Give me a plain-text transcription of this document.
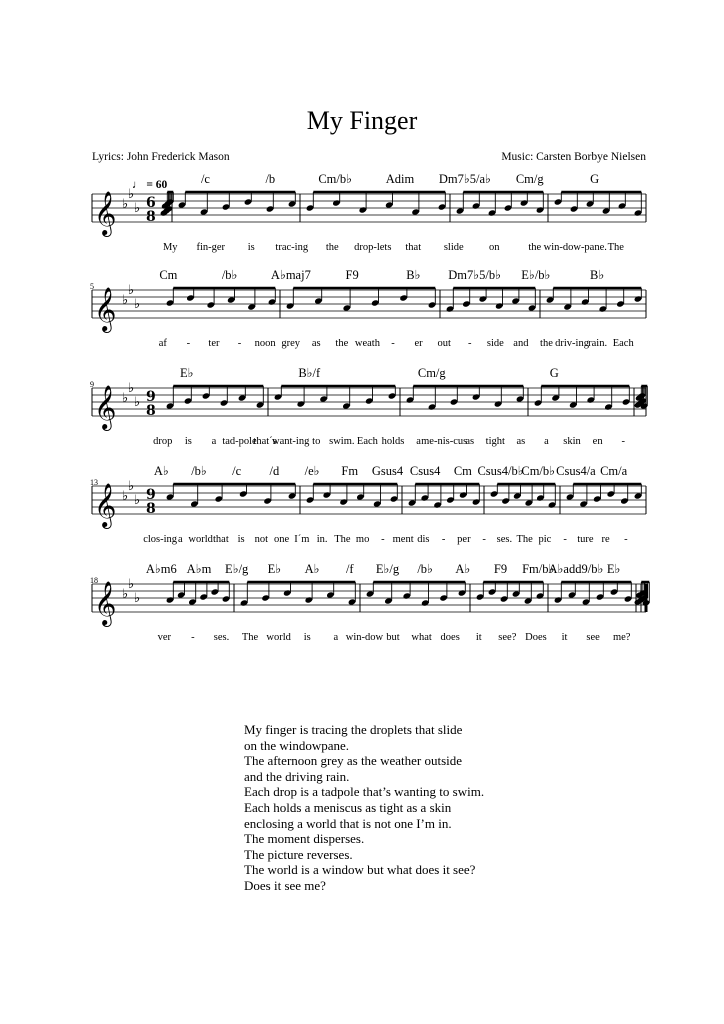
My Finger
Lyrics: John Frederick Mason	Music: Carsten Borbye Nielsen
𝄞 ♭
♭
♭ 6
8
♩ = 60	/c	/b	Cm/b♭	Adim Dm7♭5/a♭ Cm/g	G
My fin-ger is trac-ing the drop-lets that slide on	the win-dow-pane. The
𝄞 ♭
♭
♭
5
Cm	/b♭	A♭maj7	F9	B♭ Dm7♭5/b♭ E♭/b♭	B♭
af - ter - noon grey as the weath - er out - side and the driv-ing rain. Each
𝄞 ♭
♭
♭ 9
8
9
E♭	B♭/f	Cm/g	G
drop is a tad-pole
that´s
want-ing to swim. Each holds a me-nis-cus
as tight as a skin en -
𝄞 ♭
♭
♭ 9
8
13
A♭ /b♭ /c /d /e♭ Fm Gsus4 Csus4 Cm Csus4/b♭
Cm/b♭ Csus4/a Cm/a
clos-ing a world that is not one I´m in. The mo - ment dis - per - ses. The pic - ture re -
𝄞 ♭
♭
♭
18
A♭m6 A♭m E♭/g E♭ A♭ /f E♭/g /b♭ A♭ F9 Fm/b♭
A♭add9/b♭ E♭
ver - ses. The world is a win-dow but what does it see? Does it see me?
My finger is tracing the droplets that slide
on the windowpane.
The afternoon grey as the weather outside
and the driving rain.
Each drop is a tadpole that’s wanting to swim.
Each holds a meniscus as tight as a skin
enclosing a world that is not one I’m in.
The moment disperses.
The picture reverses.
The world is a window but what does it see?
Does it see me?
